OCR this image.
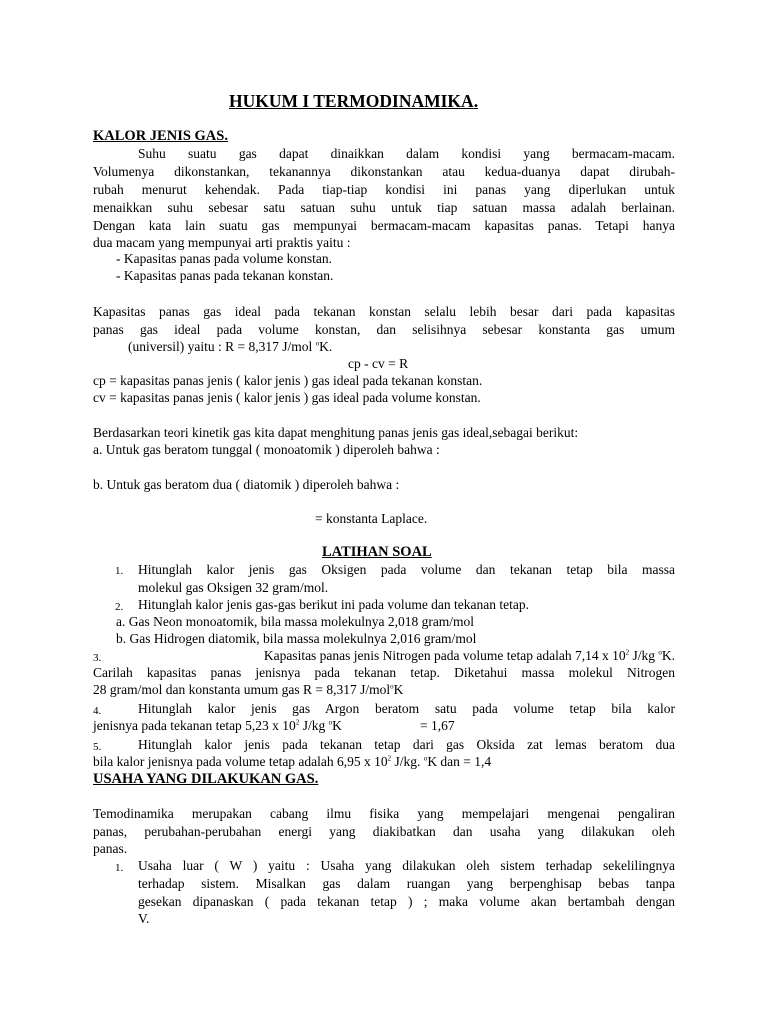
HUKUM I TERMODINAMIKA.
KALOR JENIS GAS.
Suhu suatu gas dapat dinaikkan dalam kondisi yang bermacam-macam.
Volumenya dikonstankan, tekanannya dikonstankan atau kedua-duanya dapat dirubah-
rubah menurut kehendak. Pada tiap-tiap kondisi ini panas yang diperlukan untuk
menaikkan suhu sebesar satu satuan suhu untuk tiap satuan massa adalah berlainan.
Dengan kata lain suatu gas mempunyai bermacam-macam kapasitas panas. Tetapi hanya
dua macam yang mempunyai arti praktis yaitu :
- Kapasitas panas pada volume konstan.
- Kapasitas panas pada tekanan konstan.
Kapasitas panas gas ideal pada tekanan konstan selalu lebih besar dari pada kapasitas
panas gas ideal pada volume konstan, dan selisihnya sebesar konstanta gas umum
(universil) yaitu : R = 8,317 J/mol $^o$K.
cp - cv = R
cp = kapasitas panas jenis ( kalor jenis ) gas ideal pada tekanan konstan.
cv = kapasitas panas jenis ( kalor jenis ) gas ideal pada volume konstan.
Berdasarkan teori kinetik gas kita dapat menghitung panas jenis gas ideal,sebagai berikut:
a. Untuk gas beratom tunggal ( monoatomik ) diperoleh bahwa :
b. Untuk gas beratom dua ( diatomik ) diperoleh bahwa :
= konstanta Laplace.
LATIHAN SOAL
1. Hitunglah kalor jenis gas Oksigen pada volume dan tekanan tetap bila massa
molekul gas Oksigen 32 gram/mol.
2. Hitunglah kalor jenis gas-gas berikut ini pada volume dan tekanan tetap.
a. Gas Neon monoatomik, bila massa molekulnya 2,018 gram/mol
b. Gas Hidrogen diatomik, bila massa molekulnya 2,016 gram/mol
3.	Kapasitas panas jenis Nitrogen pada volume tetap adalah 7,14 x $10^2$ J/kg $^o$K.
Carilah kapasitas panas jenisnya pada tekanan tetap. Diketahui massa molekul Nitrogen
28 gram/mol dan konstanta umum gas R = 8,317 J/mol$^o$K
4.	Hitunglah kalor jenis gas Argon beratom satu pada volume tetap bila kalor
jenisnya pada tekanan tetap 5,23 x $10^2$ J/kg $^o$K	= 1,67
5.	Hitunglah kalor jenis pada tekanan tetap dari gas Oksida zat lemas beratom dua
bila kalor jenisnya pada volume tetap adalah 6,95 x $10^2$ J/kg. $^o$K dan = 1,4
USAHA YANG DILAKUKAN GAS.
Temodinamika merupakan cabang ilmu fisika yang mempelajari mengenai pengaliran
panas, perubahan-perubahan energi yang diakibatkan dan usaha yang dilakukan oleh
panas.
1. Usaha luar ( W ) yaitu : Usaha yang dilakukan oleh sistem terhadap sekelilingnya
terhadap sistem. Misalkan gas dalam ruangan yang berpenghisap bebas tanpa
gesekan dipanaskan ( pada tekanan tetap ) ; maka volume akan bertambah dengan
V.
